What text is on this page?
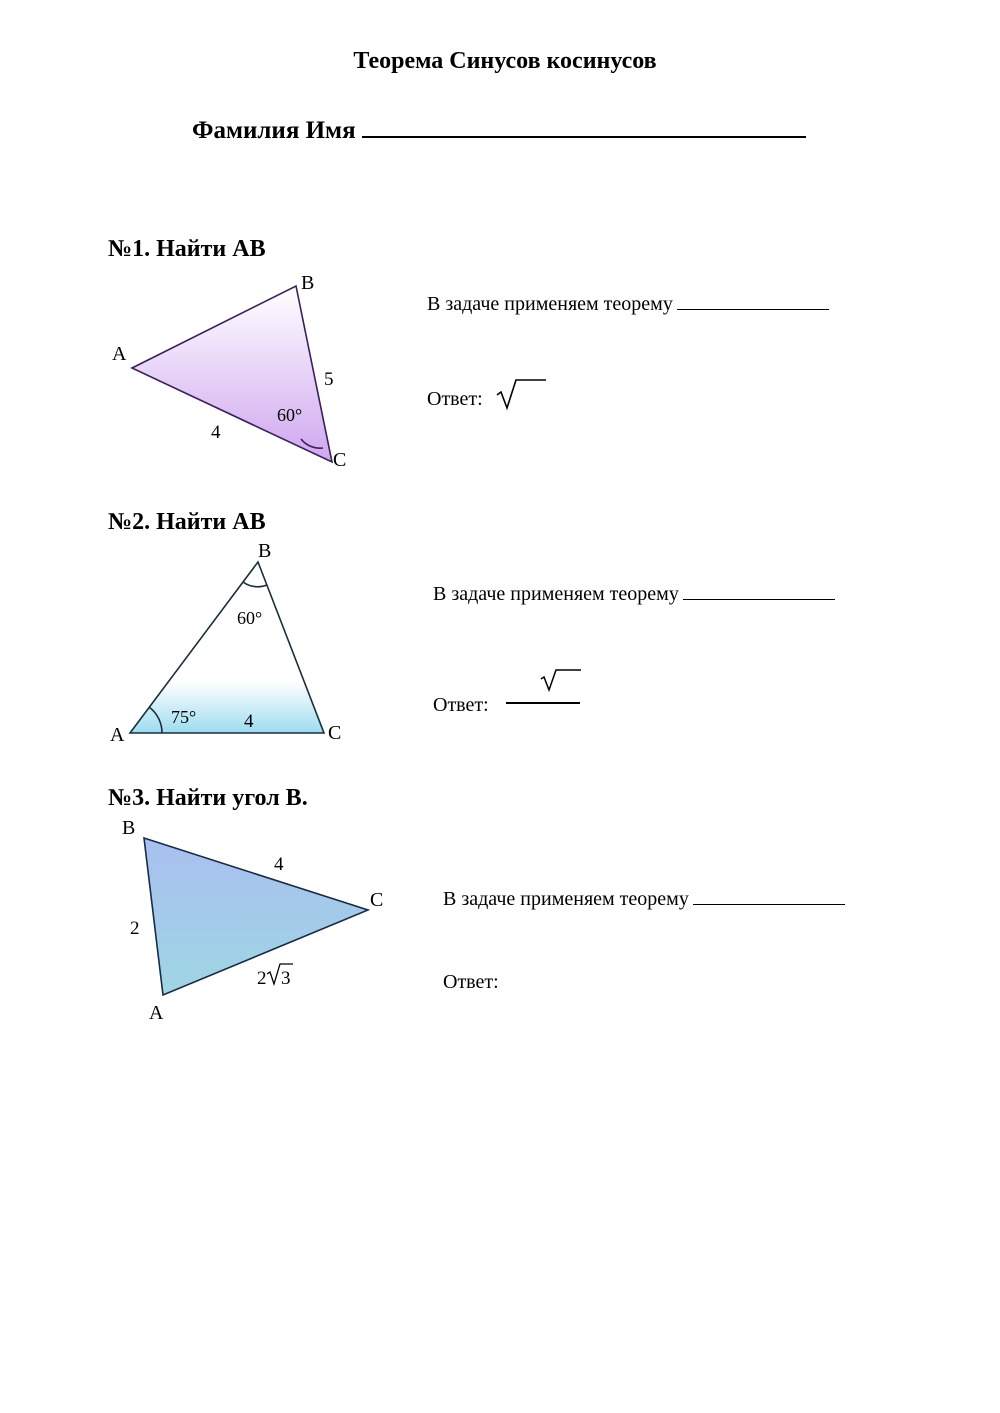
Теорема Синусов косинусов
Фамилия Имя
№1. Найти АВ
A
B
C
5
4
60°
В задаче применяем теорему
Ответ:
№2. Найти АВ
A
B
C
4
75°
60°
В задаче применяем теорему
Ответ:
№3. Найти угол В.
B
C
A
2
4
2 3
В задаче применяем теорему
Ответ:
